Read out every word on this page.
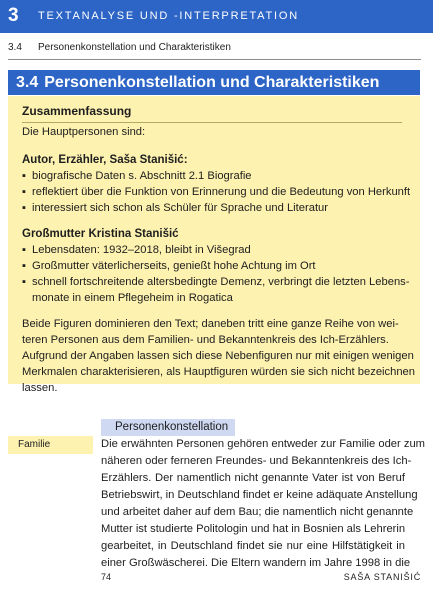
3 TEXTANALYSE UND -INTERPRETATION
3.4 Personenkonstellation und Charakteristiken
3.4 Personenkonstellation und Charakteristiken
Zusammenfassung
Die Hauptpersonen sind:
Autor, Erzähler, Saša Stanišić:
▪ biografische Daten s. Abschnitt 2.1 Biografie
▪ reflektiert über die Funktion von Erinnerung und die Bedeutung von Herkunft
▪ interessiert sich schon als Schüler für Sprache und Literatur
Großmutter Kristina Stanišić
▪ Lebensdaten: 1932–2018, bleibt in Višegrad
▪ Großmutter väterlicherseits, genießt hohe Achtung im Ort
▪ schnell fortschreitende altersbedingte Demenz, verbringt die letzten Lebens-
monate in einem Pflegeheim in Rogatica
Beide Figuren dominieren den Text; daneben tritt eine ganze Reihe von wei-
teren Personen aus dem Familien- und Bekanntenkreis des Ich-Erzählers.
Aufgrund der Angaben lassen sich diese Nebenfiguren nur mit einigen wenigen
Merkmalen charakterisieren, als Hauptfiguren würden sie sich nicht bezeichnen
lassen.
Personenkonstellation
Familie	Die erwähnten Personen gehören entweder zur Familie oder zum
näheren oder ferneren Freundes- und Bekanntenkreis des Ich-
Erzählers. Der namentlich nicht genannte Vater ist von Beruf
Betriebswirt, in Deutschland findet er keine adäquate Anstellung
und arbeitet daher auf dem Bau; die namentlich nicht genannte
Mutter ist studierte Politologin und hat in Bosnien als Lehrerin
gearbeitet, in Deutschland findet sie nur eine Hilfstätigkeit in
einer Großwäscherei. Die Eltern wandern im Jahre 1998 in die
74	SAŠA STANIŠIĆ
